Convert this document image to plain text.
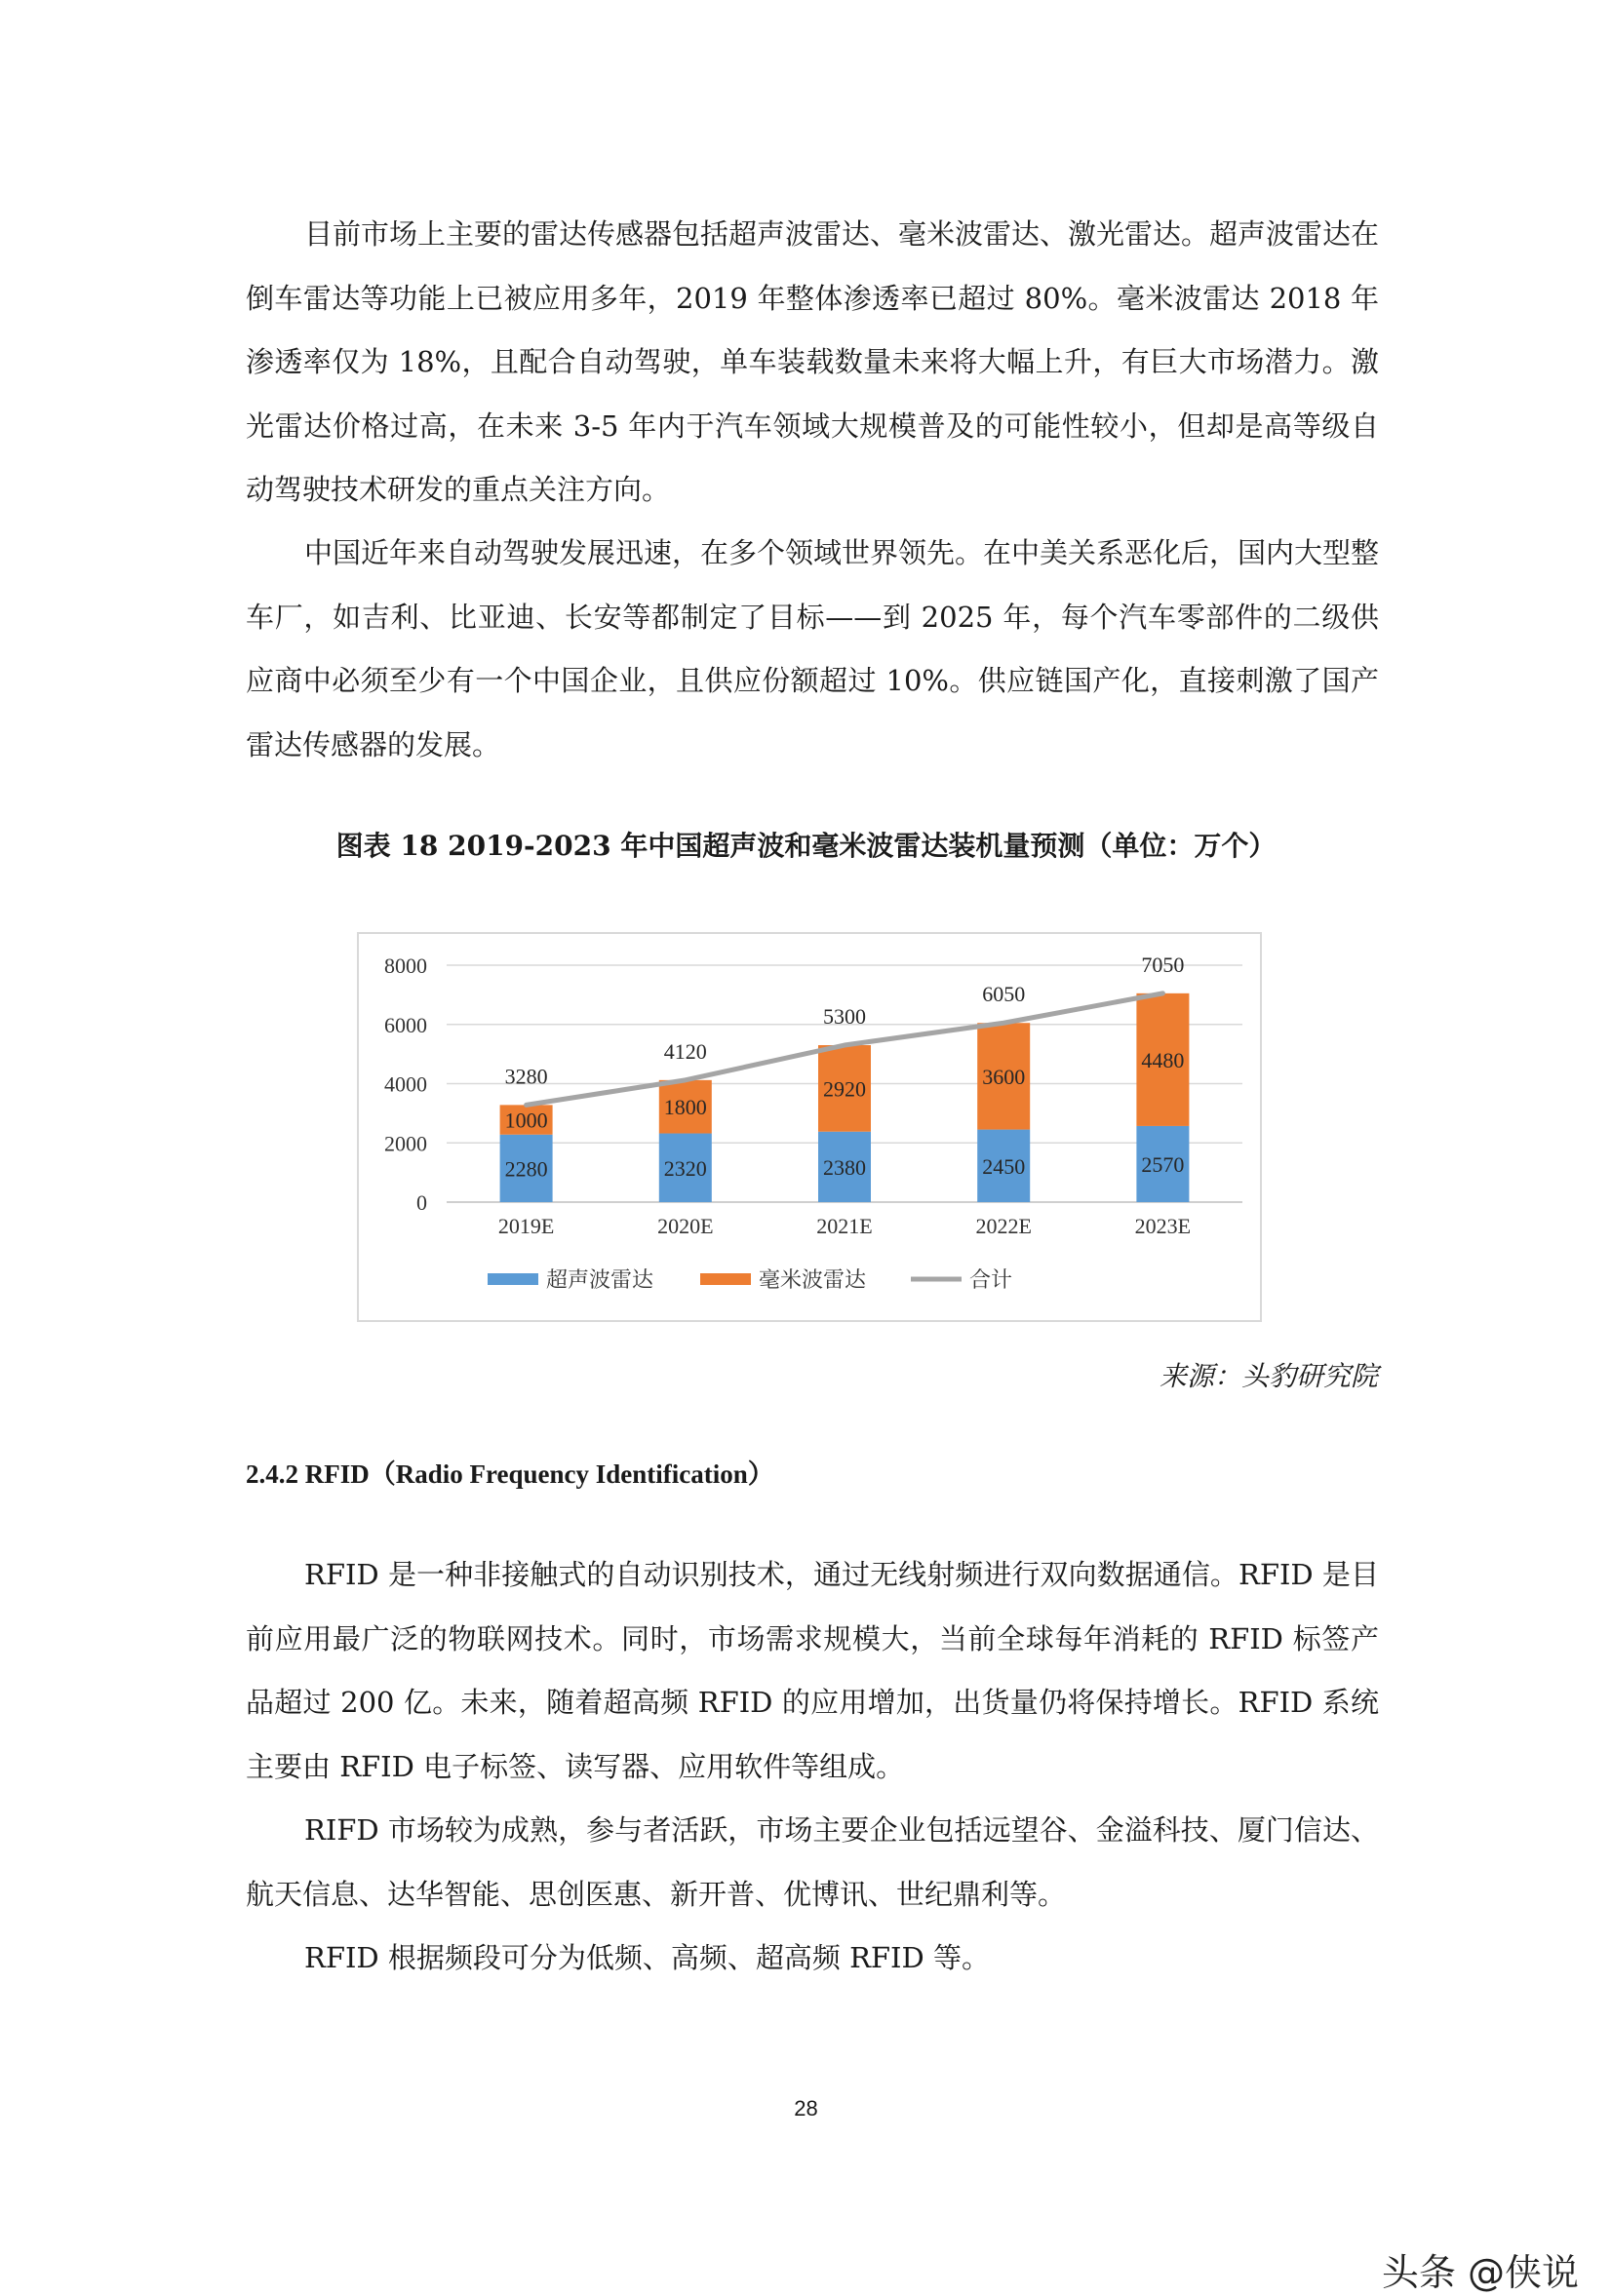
目前市场上主要的雷达传感器包括超声波雷达、毫米波雷达、激光雷达。超声波雷达在倒车雷达等功能上已被应用多年，2019 年整体渗透率已超过 80%。毫米波雷达 2018 年渗透率仅为 18%，且配合自动驾驶，单车装载数量未来将大幅上升，有巨大市场潜力。激光雷达价格过高，在未来 3-5 年内于汽车领域大规模普及的可能性较小，但却是高等级自动驾驶技术研发的重点关注方向。

中国近年来自动驾驶发展迅速，在多个领域世界领先。在中美关系恶化后，国内大型整车厂，如吉利、比亚迪、长安等都制定了目标——到 2025 年，每个汽车零部件的二级供应商中必须至少有一个中国企业，且供应份额超过 10%。供应链国产化，直接刺激了国产雷达传感器的发展。

图表 18 2019-2023 年中国超声波和毫米波雷达装机量预测（单位：万个）

0
2000
4000
6000
8000
2280
1000
2019E
2320
1800
2020E
2380
2920
2021E
2450
3600
2022E
2570
4480
2023E
3280
4120
5300
6050
7050
超声波雷达	毫米波雷达	合计

来源：头豹研究院

2.4.2 RFID（Radio Frequency Identification）

RFID 是一种非接触式的自动识别技术，通过无线射频进行双向数据通信。RFID 是目前应用最广泛的物联网技术。同时，市场需求规模大，当前全球每年消耗的 RFID 标签产品超过 200 亿。未来，随着超高频 RFID 的应用增加，出货量仍将保持增长。RFID 系统主要由 RFID 电子标签、读写器、应用软件等组成。

RIFD 市场较为成熟，参与者活跃，市场主要企业包括远望谷、金溢科技、厦门信达、航天信息、达华智能、思创医惠、新开普、优博讯、世纪鼎利等。

RFID 根据频段可分为低频、高频、超高频 RFID 等。

28

头条 @侠说
